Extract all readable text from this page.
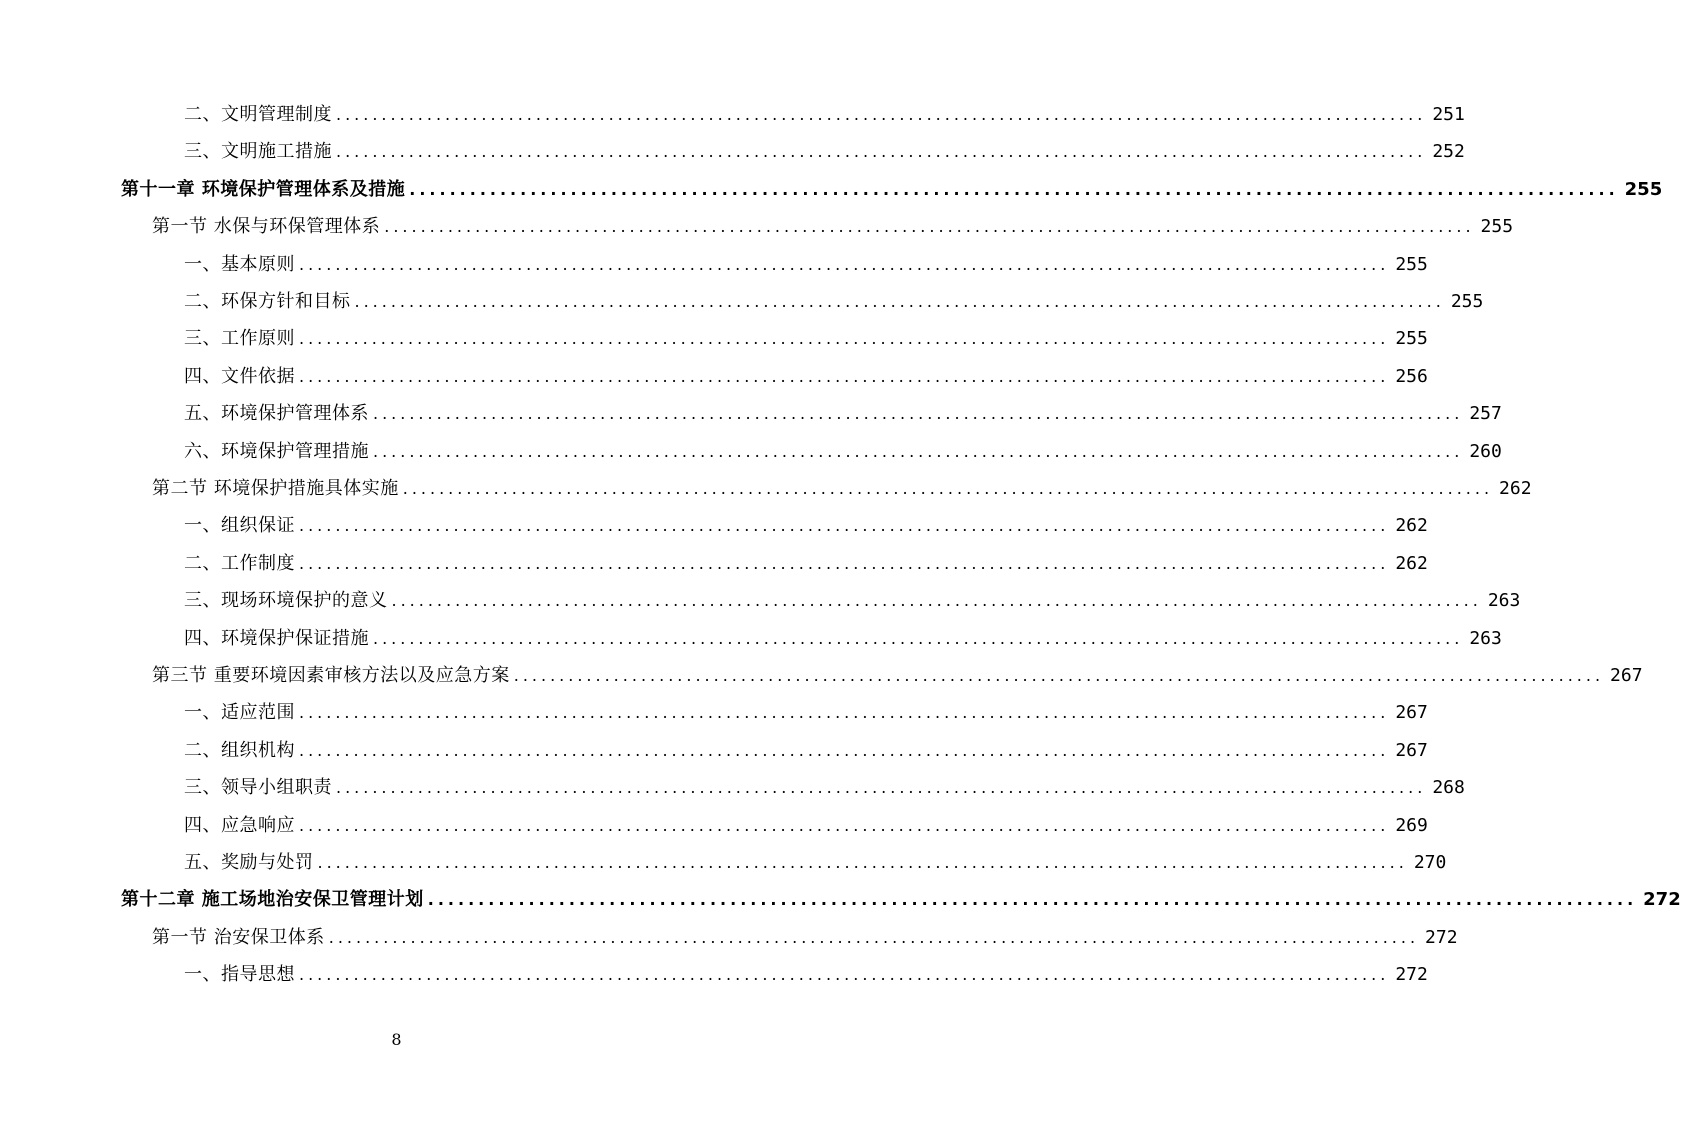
二、文明管理制度 ........................................................................................................................ 251
三、文明施工措施 ........................................................................................................................ 252
第十一章 环境保护管理体系及措施 ........................................................................................................................ 255
第一节 水保与环保管理体系 ........................................................................................................................ 255
一、基本原则 ........................................................................................................................ 255
二、环保方针和目标 ........................................................................................................................ 255
三、工作原则 ........................................................................................................................ 255
四、文件依据 ........................................................................................................................ 256
五、环境保护管理体系 ........................................................................................................................ 257
六、环境保护管理措施 ........................................................................................................................ 260
第二节 环境保护措施具体实施 ........................................................................................................................ 262
一、组织保证 ........................................................................................................................ 262
二、工作制度 ........................................................................................................................ 262
三、现场环境保护的意义 ........................................................................................................................ 263
四、环境保护保证措施 ........................................................................................................................ 263
第三节 重要环境因素审核方法以及应急方案 ........................................................................................................................ 267
一、适应范围 ........................................................................................................................ 267
二、组织机构 ........................................................................................................................ 267
三、领导小组职责 ........................................................................................................................ 268
四、应急响应 ........................................................................................................................ 269
五、奖励与处罚 ........................................................................................................................ 270
第十二章 施工场地治安保卫管理计划 ........................................................................................................................ 272
第一节 治安保卫体系 ........................................................................................................................ 272
一、指导思想 ........................................................................................................................ 272
8
